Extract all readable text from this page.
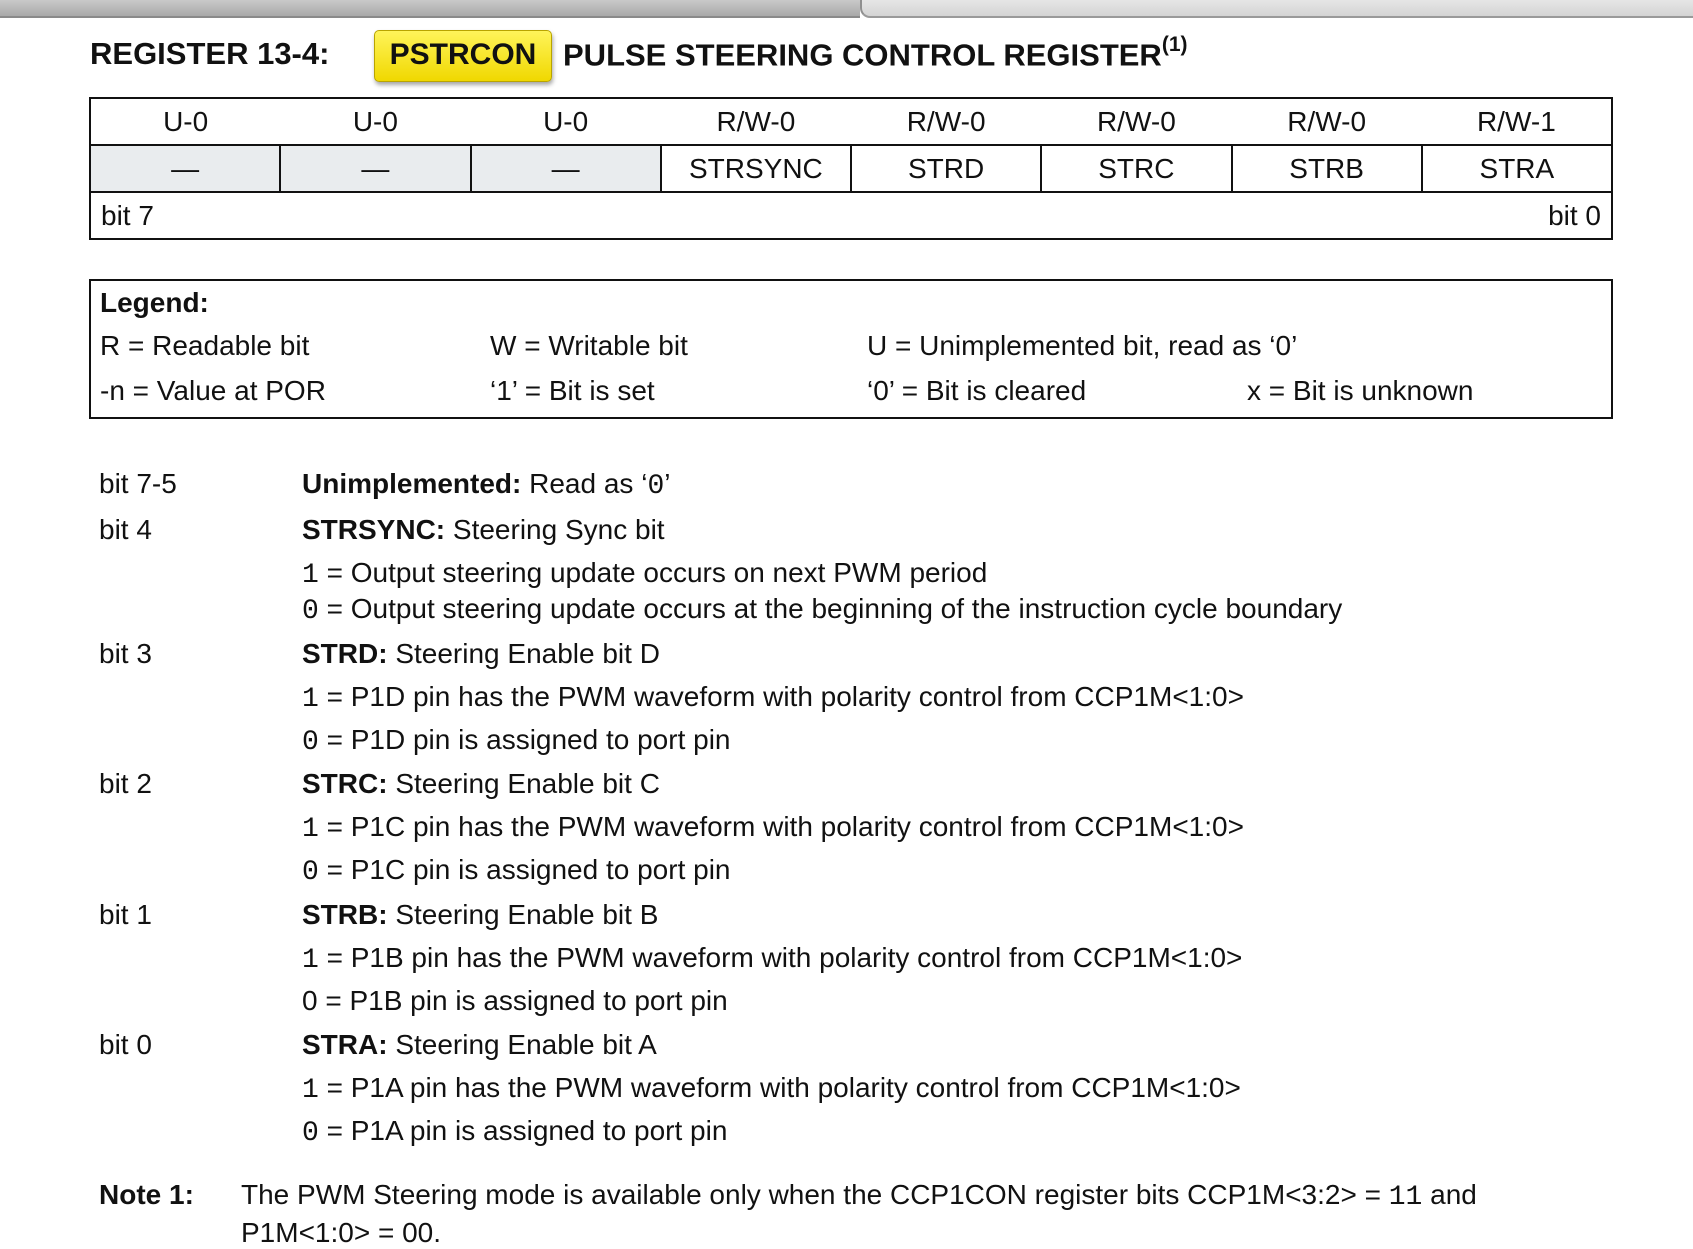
REGISTER 13-4:	PSTRCON PULSE STEERING CONTROL REGISTER$^{(1)}$
U-0	U-0	U-0	R/W-0	R/W-0	R/W-0	R/W-0	R/W-1
—	—	—	STRSYNC	STRD	STRC	STRB	STRA
bit 7 bit 0							
Legend:
R = Readable bit	W = Writable bit	U = Unimplemented bit, read as ‘0’
-n = Value at POR	‘1’ = Bit is set	‘0’ = Bit is cleared	x = Bit is unknown
bit 7-5	Unimplemented: Read as ‘0’
bit 4	STRSYNC: Steering Sync bit
1 = Output steering update occurs on next PWM period
0 = Output steering update occurs at the beginning of the instruction cycle boundary
bit 3	STRD: Steering Enable bit D
1 = P1D pin has the PWM waveform with polarity control from CCP1M<1:0>
0 = P1D pin is assigned to port pin
bit 2	STRC: Steering Enable bit C
1 = P1C pin has the PWM waveform with polarity control from CCP1M<1:0>
0 = P1C pin is assigned to port pin
bit 1	STRB: Steering Enable bit B
1 = P1B pin has the PWM waveform with polarity control from CCP1M<1:0>
0 = P1B pin is assigned to port pin
bit 0	STRA: Steering Enable bit A
1 = P1A pin has the PWM waveform with polarity control from CCP1M<1:0>
0 = P1A pin is assigned to port pin
Note 1: The PWM Steering mode is available only when the CCP1CON register bits CCP1M<3:2> = 11 and
P1M<1:0> = 00.
